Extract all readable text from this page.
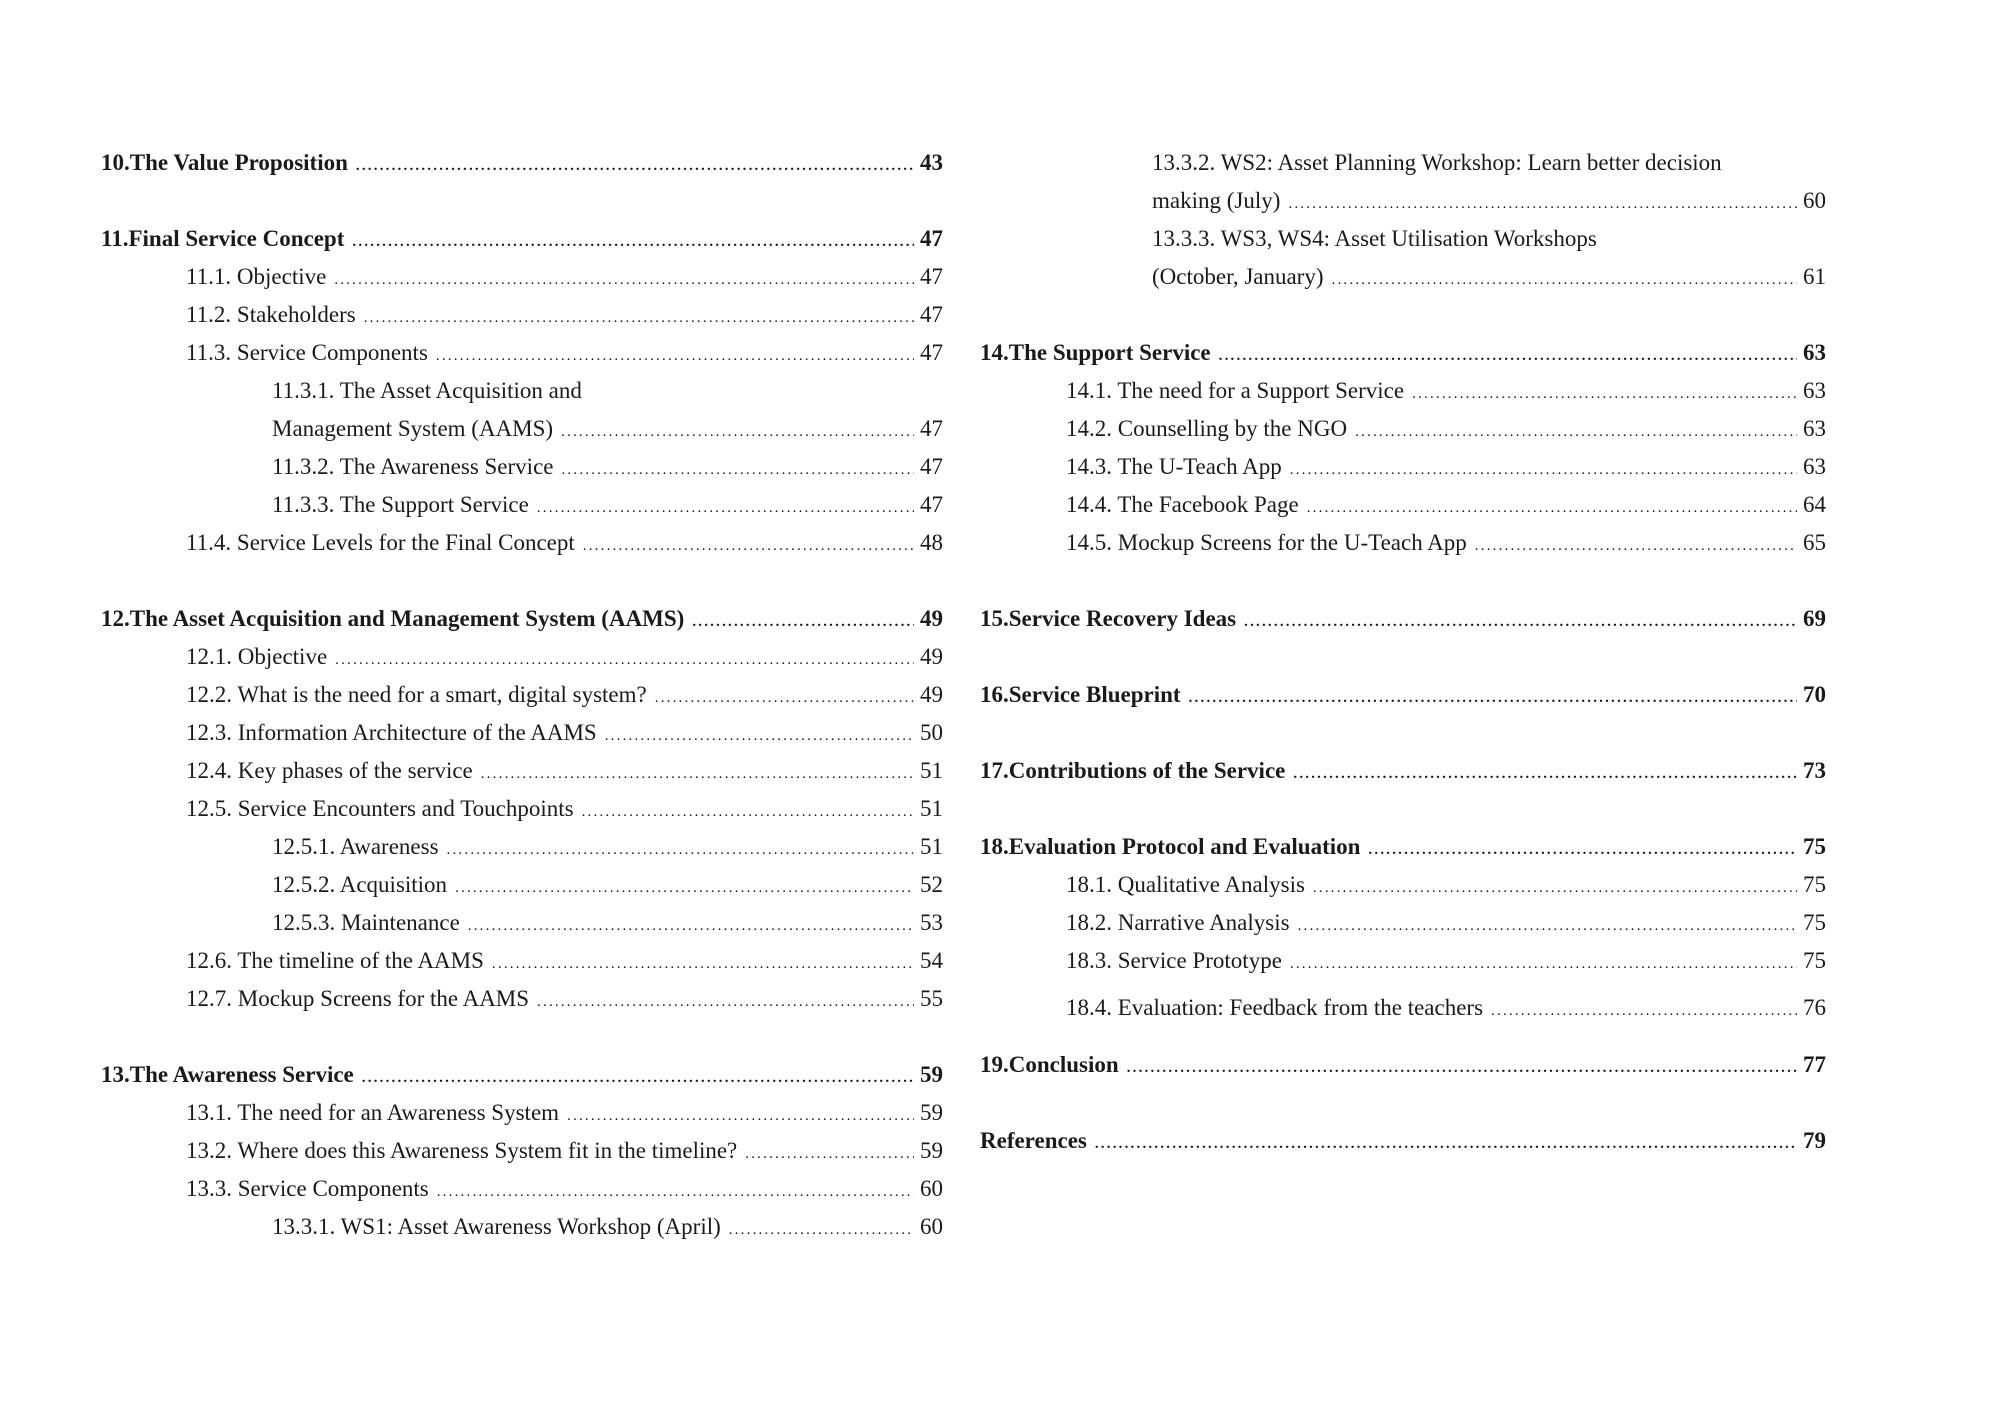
10.The Value Proposition .....	43
11.Final Service Concept .....	47
11.1. Objective .....	47
11.2. Stakeholders .....	47
11.3. Service Components .....	47
11.3.1. The Asset Acquisition and
Management System (AAMS) .....	47
11.3.2. The Awareness Service .....	47
11.3.3. The Support Service .....	47
11.4. Service Levels for the Final Concept .....	48
12.The Asset Acquisition and Management System (AAMS) .....	49
12.1. Objective .....	49
12.2. What is the need for a smart, digital system? .....	49
12.3. Information Architecture of the AAMS .....	50
12.4. Key phases of the service .....	51
12.5. Service Encounters and Touchpoints .....	51
12.5.1. Awareness .....	51
12.5.2. Acquisition .....	52
12.5.3. Maintenance .....	53
12.6. The timeline of the AAMS .....	54
12.7. Mockup Screens for the AAMS .....	55
13.The Awareness Service .....	59
13.1. The need for an Awareness System .....	59
13.2. Where does this Awareness System fit in the timeline? .....	59
13.3. Service Components .....	60
13.3.1. WS1: Asset Awareness Workshop (April) .....	60
13.3.2. WS2: Asset Planning Workshop: Learn better decision
making (July) .....	60
13.3.3. WS3, WS4: Asset Utilisation Workshops
(October, January) .....	61
14.The Support Service .....	63
14.1. The need for a Support Service .....	63
14.2. Counselling by the NGO .....	63
14.3. The U-Teach App .....	63
14.4. The Facebook Page .....	64
14.5. Mockup Screens for the U-Teach App .....	65
15.Service Recovery Ideas .....	69
16.Service Blueprint .....	70
17.Contributions of the Service .....	73
18.Evaluation Protocol and Evaluation .....	75
18.1. Qualitative Analysis .....	75
18.2. Narrative Analysis .....	75
18.3. Service Prototype .....	75
18.4. Evaluation: Feedback from the teachers .....	76
19.Conclusion .....	77
References .....	79
